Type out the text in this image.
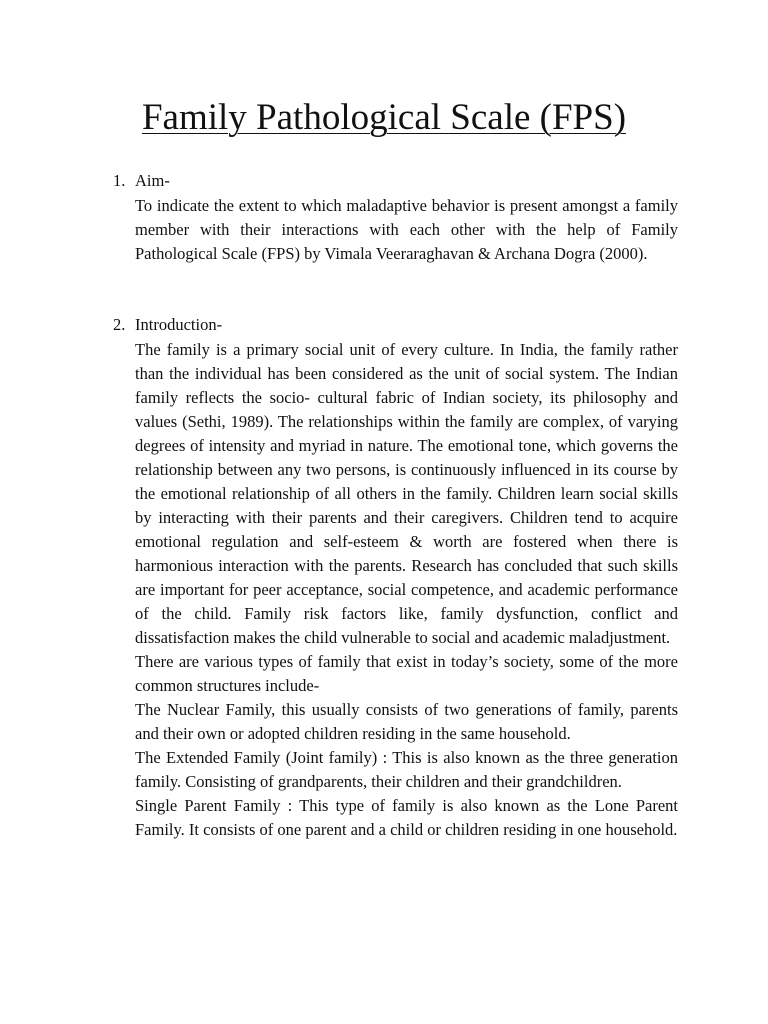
Family Pathological Scale (FPS)
1. Aim-

To indicate the extent to which maladaptive behavior is present amongst a family member with their interactions with each other with the help of Family Pathological Scale (FPS) by Vimala Veeraraghavan & Archana Dogra (2000).

2. Introduction-

The family is a primary social unit of every culture. In India, the family rather than the individual has been considered as the unit of social system. The Indian family reflects the socio- cultural fabric of Indian society, its philosophy and values (Sethi, 1989). The relationships within the family are complex, of varying degrees of intensity and myriad in nature. The emotional tone, which governs the relationship between any two persons, is continuously influenced in its course by the emotional relationship of all others in the family. Children learn social skills by interacting with their parents and their caregivers. Children tend to acquire emotional regulation and self-esteem & worth are fostered when there is harmonious interaction with the parents. Research has concluded that such skills are important for peer acceptance, social competence, and academic performance of the child. Family risk factors like, family dysfunction, conflict and dissatisfaction makes the child vulnerable to social and academic maladjustment.

There are various types of family that exist in today’s society, some of the more common structures include-

The Nuclear Family, this usually consists of two generations of family, parents and their own or adopted children residing in the same household.

The Extended Family (Joint family) : This is also known as the three generation family. Consisting of grandparents, their children and their grandchildren.

Single Parent Family : This type of family is also known as the Lone Parent Family. It consists of one parent and a child or children residing in one household.
